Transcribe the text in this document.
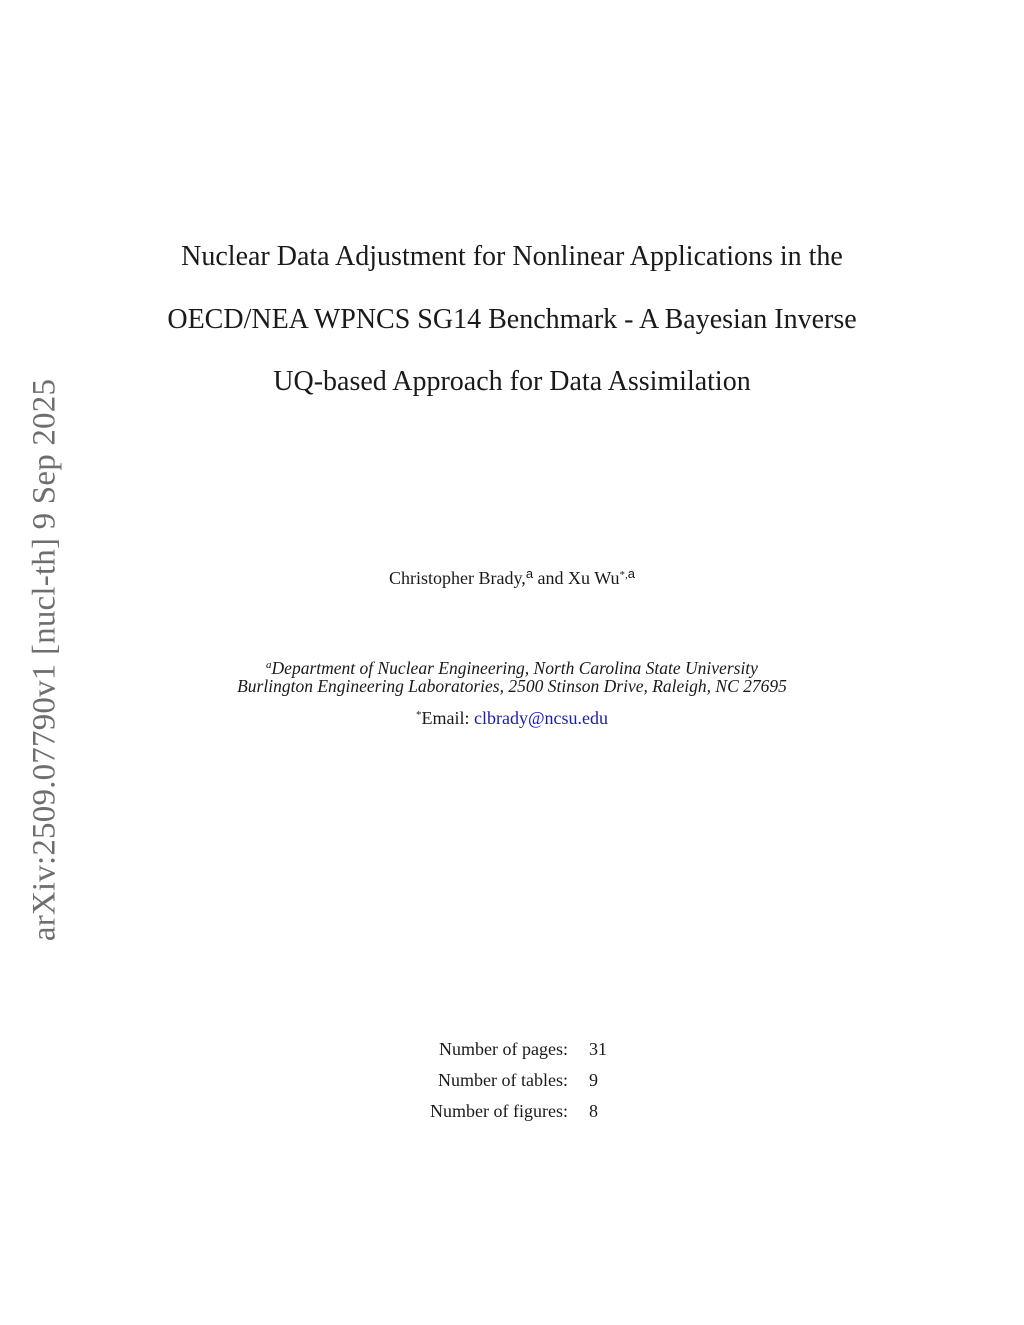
arXiv:2509.07790v1 [nucl-th] 9 Sep 2025
Nuclear Data Adjustment for Nonlinear Applications in the
OECD/NEA WPNCS SG14 Benchmark - A Bayesian Inverse
UQ-based Approach for Data Assimilation
Christopher Brady,$^a$ and Xu $Wu^{*,a}$
$^a$Department of Nuclear Engineering, North Carolina State University
Burlington Engineering Laboratories, 2500 Stinson Drive, Raleigh, NC 27695
*Email: clbrady@ncsu.edu
Number of pages:	31
Number of tables:	9
Number of figures:	8
